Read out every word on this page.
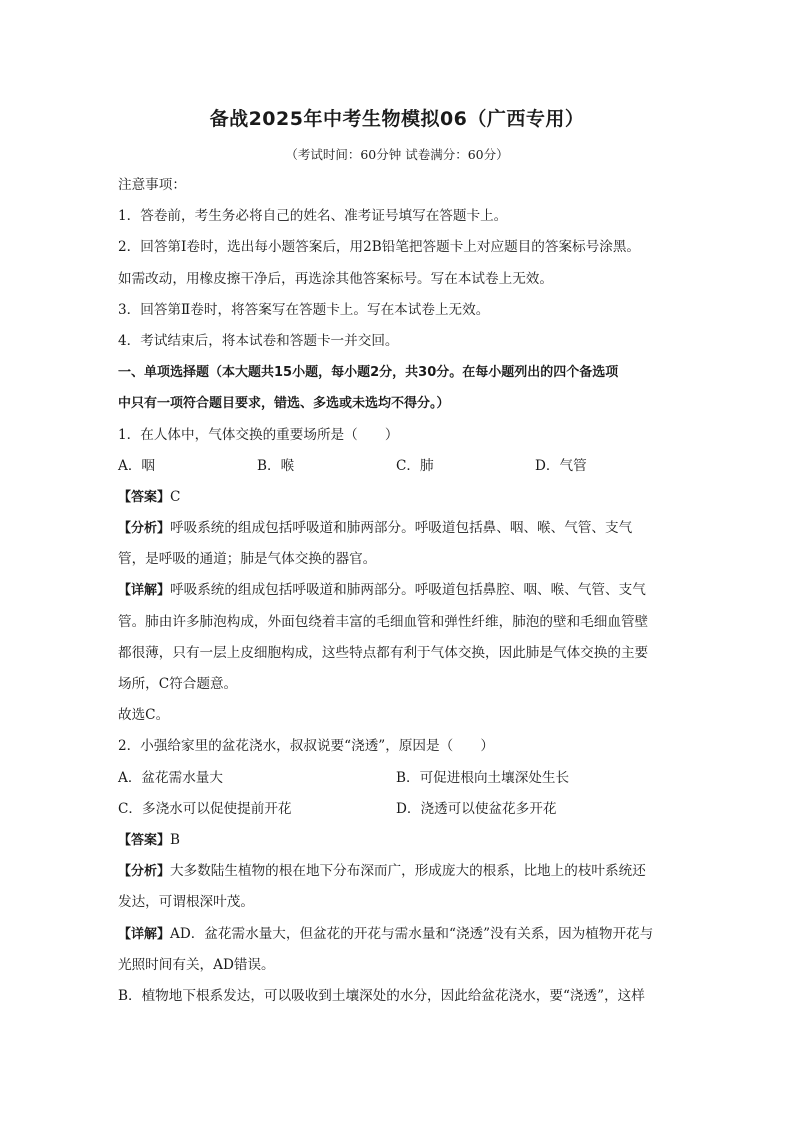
备战2025年中考生物模拟06（广西专用）
（考试时间：60分钟 试卷满分：60分）
注意事项：
1．答卷前，考生务必将自己的姓名、准考证号填写在答题卡上。
2．回答第Ⅰ卷时，选出每小题答案后，用2B铅笔把答题卡上对应题目的答案标号涂黑。
如需改动，用橡皮擦干净后，再选涂其他答案标号。写在本试卷上无效。
3．回答第Ⅱ卷时，将答案写在答题卡上。写在本试卷上无效。
4．考试结束后，将本试卷和答题卡一并交回。
一、单项选择题（本大题共15小题，每小题2分，共30分。在每小题列出的四个备选项
中只有一项符合题目要求，错选、多选或未选均不得分。）
1．在人体中，气体交换的重要场所是（　　）
A．咽	B．喉	C．肺	D．气管
【答案】C
【分析】呼吸系统的组成包括呼吸道和肺两部分。呼吸道包括鼻、咽、喉、气管、支气
管，是呼吸的通道；肺是气体交换的器官。
【详解】呼吸系统的组成包括呼吸道和肺两部分。呼吸道包括鼻腔、咽、喉、气管、支气
管。肺由许多肺泡构成，外面包绕着丰富的毛细血管和弹性纤维，肺泡的壁和毛细血管壁
都很薄，只有一层上皮细胞构成，这些特点都有利于气体交换，因此肺是气体交换的主要
场所，C符合题意。
故选C。
2．小强给家里的盆花浇水，叔叔说要“浇透”，原因是（　　）
A．盆花需水量大	B．可促进根向土壤深处生长
C．多浇水可以促使提前开花	D．浇透可以使盆花多开花
【答案】B
【分析】大多数陆生植物的根在地下分布深而广，形成庞大的根系，比地上的枝叶系统还
发达，可谓根深叶茂。
【详解】AD．盆花需水量大，但盆花的开花与需水量和“浇透”没有关系，因为植物开花与
光照时间有关，AD错误。
B．植物地下根系发达，可以吸收到土壤深处的水分，因此给盆花浇水，要“浇透”，这样
